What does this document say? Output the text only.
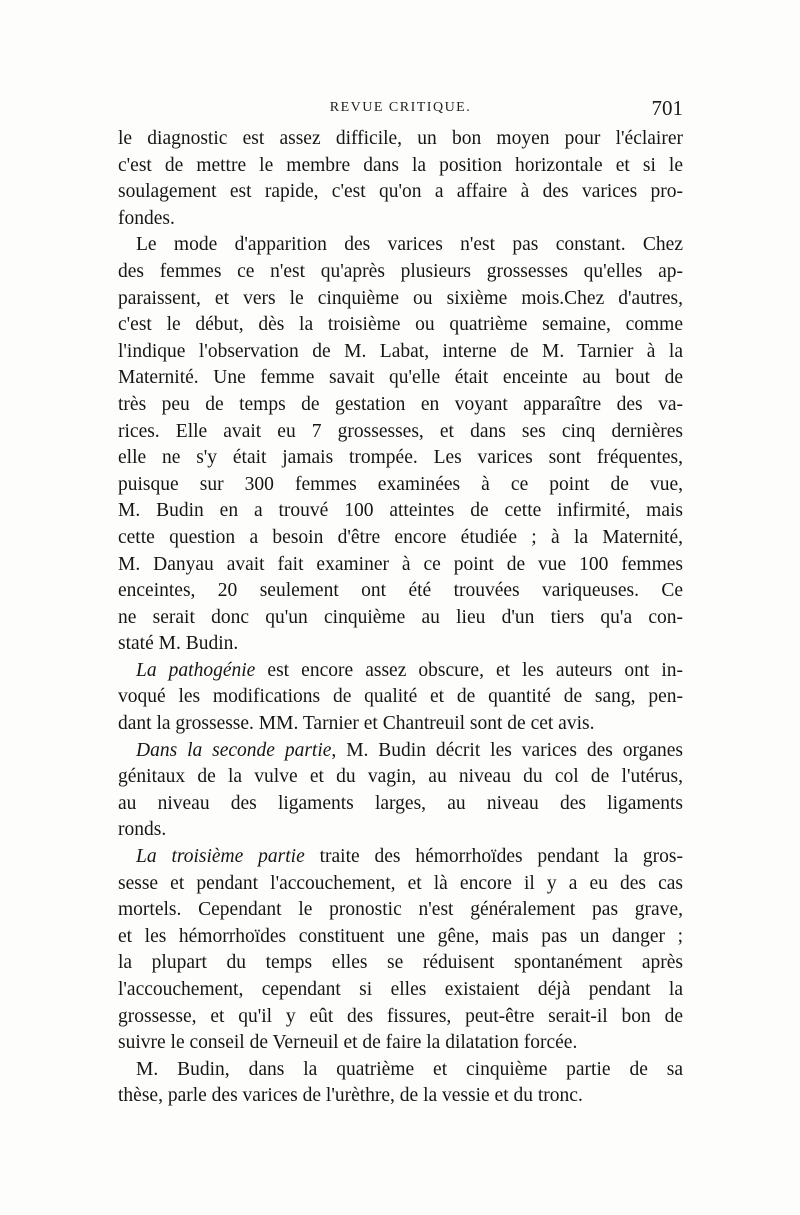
REVUE CRITIQUE.	701
le diagnostic est assez difficile, un bon moyen pour l'éclairer
c'est de mettre le membre dans la position horizontale et si le
soulagement est rapide, c'est qu'on a affaire à des varices pro-
fondes.
Le mode d'apparition des varices n'est pas constant. Chez
des femmes ce n'est qu'après plusieurs grossesses qu'elles ap-
paraissent, et vers le cinquième ou sixième mois.Chez d'autres,
c'est le début, dès la troisième ou quatrième semaine, comme
l'indique l'observation de M. Labat, interne de M. Tarnier à la
Maternité. Une femme savait qu'elle était enceinte au bout de
très peu de temps de gestation en voyant apparaître des va-
rices. Elle avait eu 7 grossesses, et dans ses cinq dernières
elle ne s'y était jamais trompée. Les varices sont fréquentes,
puisque sur 300 femmes examinées à ce point de vue,
M. Budin en a trouvé 100 atteintes de cette infirmité, mais
cette question a besoin d'être encore étudiée ; à la Maternité,
M. Danyau avait fait examiner à ce point de vue 100 femmes
enceintes, 20 seulement ont été trouvées variqueuses. Ce
ne serait donc qu'un cinquième au lieu d'un tiers qu'a con-
staté M. Budin.
La pathogénie est encore assez obscure, et les auteurs ont in-
voqué les modifications de qualité et de quantité de sang, pen-
dant la grossesse. MM. Tarnier et Chantreuil sont de cet avis.
Dans la seconde partie, M. Budin décrit les varices des organes
génitaux de la vulve et du vagin, au niveau du col de l'utérus,
au niveau des ligaments larges, au niveau des ligaments
ronds.
La troisième partie traite des hémorrhoïdes pendant la gros-
sesse et pendant l'accouchement, et là encore il y a eu des cas
mortels. Cependant le pronostic n'est généralement pas grave,
et les hémorrhoïdes constituent une gêne, mais pas un danger ;
la plupart du temps elles se réduisent spontanément après
l'accouchement, cependant si elles existaient déjà pendant la
grossesse, et qu'il y eût des fissures, peut-être serait-il bon de
suivre le conseil de Verneuil et de faire la dilatation forcée.
M. Budin, dans la quatrième et cinquième partie de sa
thèse, parle des varices de l'urèthre, de la vessie et du tronc.
